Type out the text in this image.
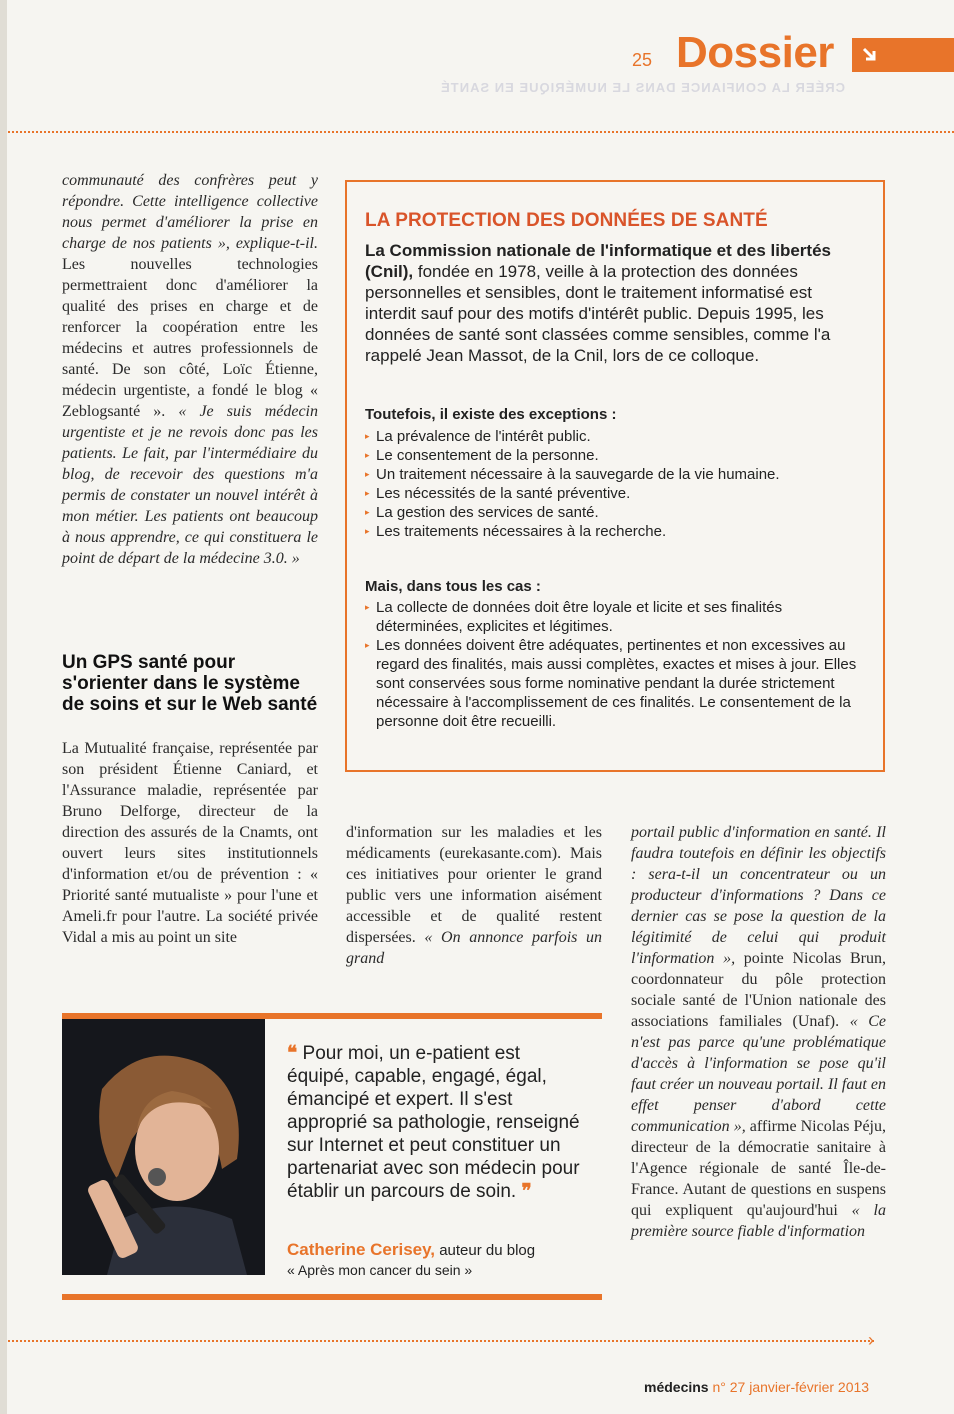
25 Dossier
CRÉER LA CONFIANCE DANS LE NUMÉRIQUE EN SANTÉ
communauté des confrères peut y répondre. Cette intelligence collective nous permet d'améliorer la prise en charge de nos patients », explique-t-il. Les nouvelles technologies permettraient donc d'améliorer la qualité des prises en charge et de renforcer la coopération entre les médecins et autres professionnels de santé. De son côté, Loïc Étienne, médecin urgentiste, a fondé le blog « Zeblogsanté ». « Je suis médecin urgentiste et je ne revois donc pas les patients. Le fait, par l'intermédiaire du blog, de recevoir des questions m'a permis de constater un nouvel intérêt à mon métier. Les patients ont beaucoup à nous apprendre, ce qui constituera le point de départ de la médecine 3.0. »
Un GPS santé pour s'orienter dans le système de soins et sur le Web santé
La Mutualité française, représentée par son président Étienne Caniard, et l'Assurance maladie, représentée par Bruno Delforge, directeur de la direction des assurés de la Cnamts, ont ouvert leurs sites institutionnels d'information et/ou de prévention : « Priorité santé mutualiste » pour l'une et Ameli.fr pour l'autre. La société privée Vidal a mis au point un site
d'information sur les maladies et les médicaments (eurekasante.com). Mais ces initiatives pour orienter le grand public vers une information aisément accessible et de qualité restent dispersées. « On annonce parfois un grand
portail public d'information en santé. Il faudra toutefois en définir les objectifs : sera-t-il un concentrateur ou un producteur d'informations ? Dans ce dernier cas se pose la question de la légitimité de celui qui produit l'information », pointe Nicolas Brun, coordonnateur du pôle protection sociale santé de l'Union nationale des associations familiales (Unaf). « Ce n'est pas parce qu'une problématique d'accès à l'information se pose qu'il faut créer un nouveau portail. Il faut en effet penser d'abord cette communication », affirme Nicolas Péju, directeur de la démocratie sanitaire à l'Agence régionale de santé Île-de-France. Autant de questions en suspens qui expliquent qu'aujourd'hui « la première source fiable d'information
LA PROTECTION DES DONNÉES DE SANTÉ
La Commission nationale de l'informatique et des libertés (Cnil), fondée en 1978, veille à la protection des données personnelles et sensibles, dont le traitement informatisé est interdit sauf pour des motifs d'intérêt public. Depuis 1995, les données de santé sont classées comme sensibles, comme l'a rappelé Jean Massot, de la Cnil, lors de ce colloque.
Toutefois, il existe des exceptions :
▸ La prévalence de l'intérêt public.
▸ Le consentement de la personne.
▸ Un traitement nécessaire à la sauvegarde de la vie humaine.
▸ Les nécessités de la santé préventive.
▸ La gestion des services de santé.
▸ Les traitements nécessaires à la recherche.
Mais, dans tous les cas :
▸ La collecte de données doit être loyale et licite et ses finalités déterminées, explicites et légitimes.
▸ Les données doivent être adéquates, pertinentes et non excessives au regard des finalités, mais aussi complètes, exactes et mises à jour. Elles sont conservées sous forme nominative pendant la durée strictement nécessaire à l'accomplissement de ces finalités. Le consentement de la personne doit être recueilli.
❝ Pour moi, un e-patient est équipé, capable, engagé, égal, émancipé et expert. Il s'est approprié sa pathologie, renseigné sur Internet et peut constituer un partenariat avec son médecin pour établir un parcours de soin. ❞
Catherine Cerisey, auteur du blog
« Après mon cancer du sein »
›
médecins n° 27 janvier-février 2013
